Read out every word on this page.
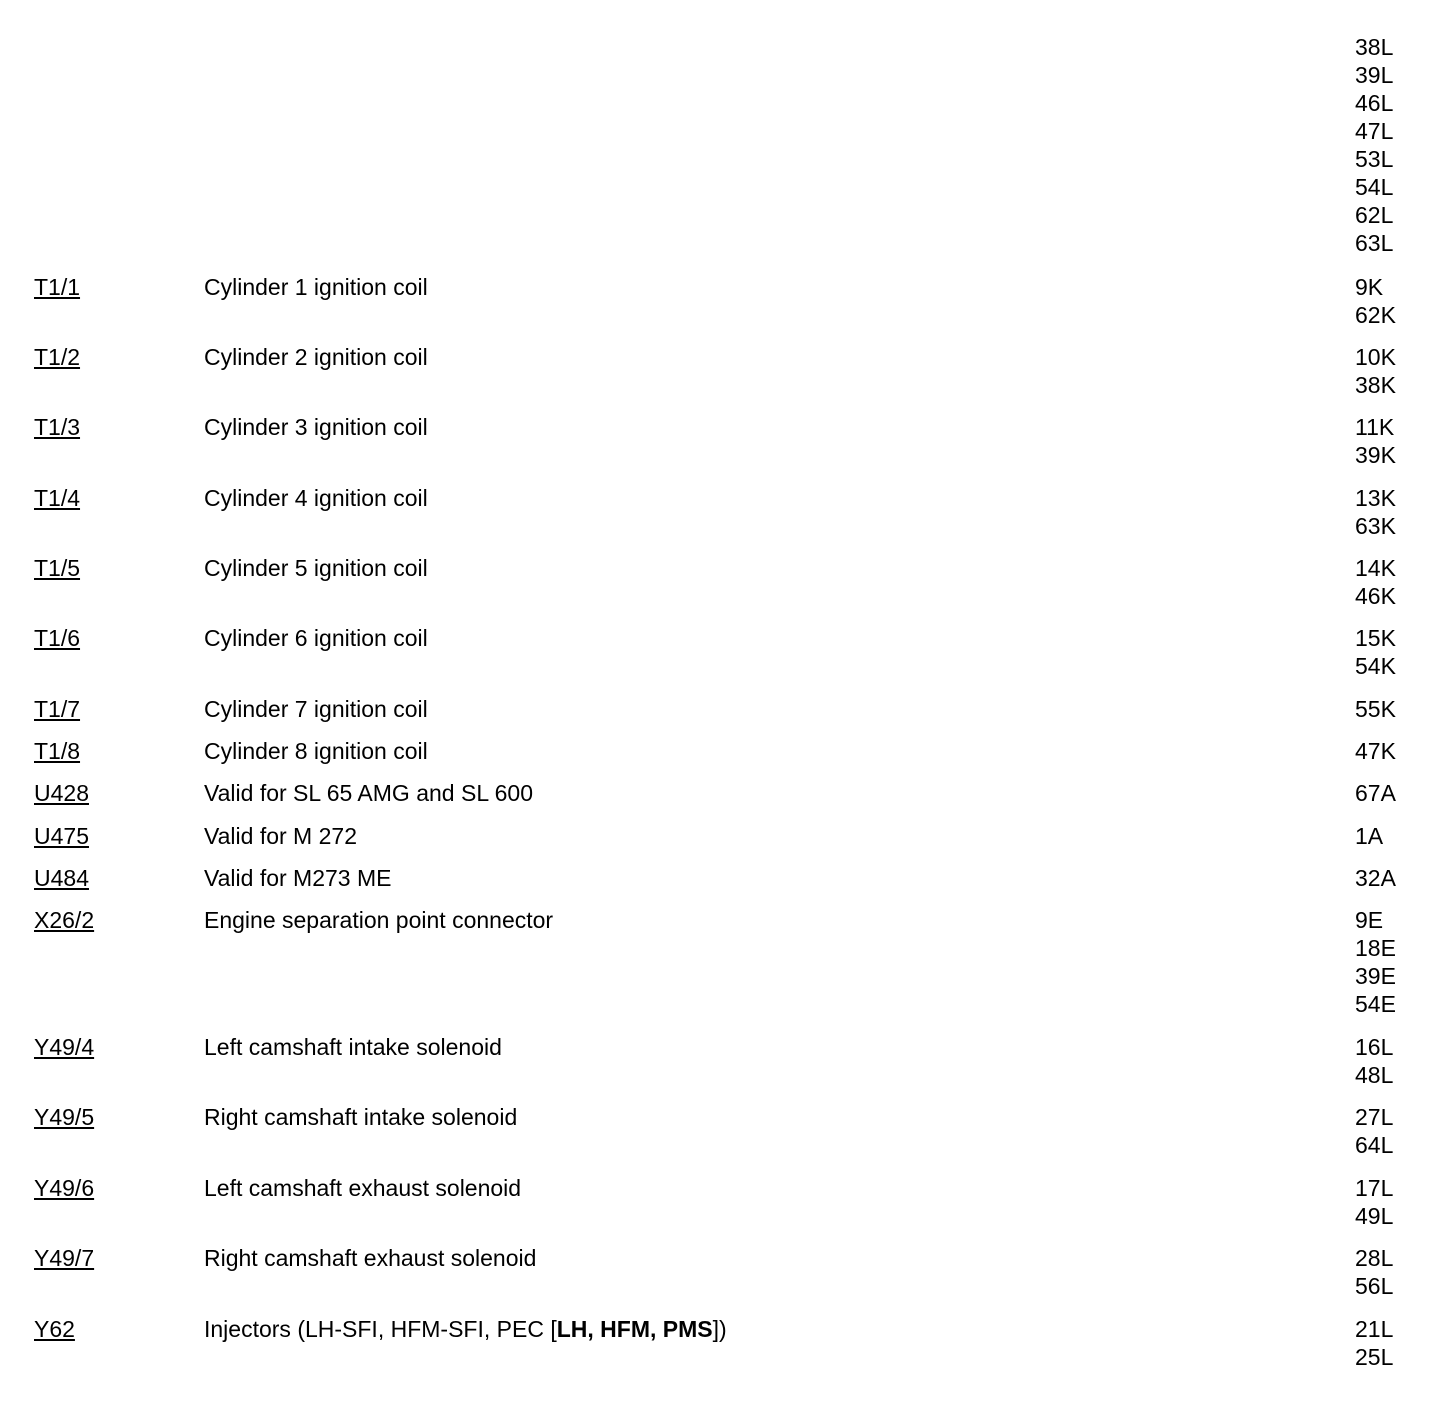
38L
39L
46L
47L
53L
54L
62L
63L
T1/1	Cylinder 1 ignition coil	9K
62K
T1/2	Cylinder 2 ignition coil	10K
38K
T1/3	Cylinder 3 ignition coil	11K
39K
T1/4	Cylinder 4 ignition coil	13K
63K
T1/5	Cylinder 5 ignition coil	14K
46K
T1/6	Cylinder 6 ignition coil	15K
54K
T1/7	Cylinder 7 ignition coil	55K
T1/8	Cylinder 8 ignition coil	47K
U428	Valid for SL 65 AMG and SL 600	67A
U475	Valid for M 272	1A
U484	Valid for M273 ME	32A
X26/2	Engine separation point connector	9E
18E
39E
54E
Y49/4	Left camshaft intake solenoid	16L
48L
Y49/5	Right camshaft intake solenoid	27L
64L
Y49/6	Left camshaft exhaust solenoid	17L
49L
Y49/7	Right camshaft exhaust solenoid	28L
56L
Y62	Injectors (LH-SFI, HFM-SFI, PEC [LH, HFM, PMS])	21L
25L
